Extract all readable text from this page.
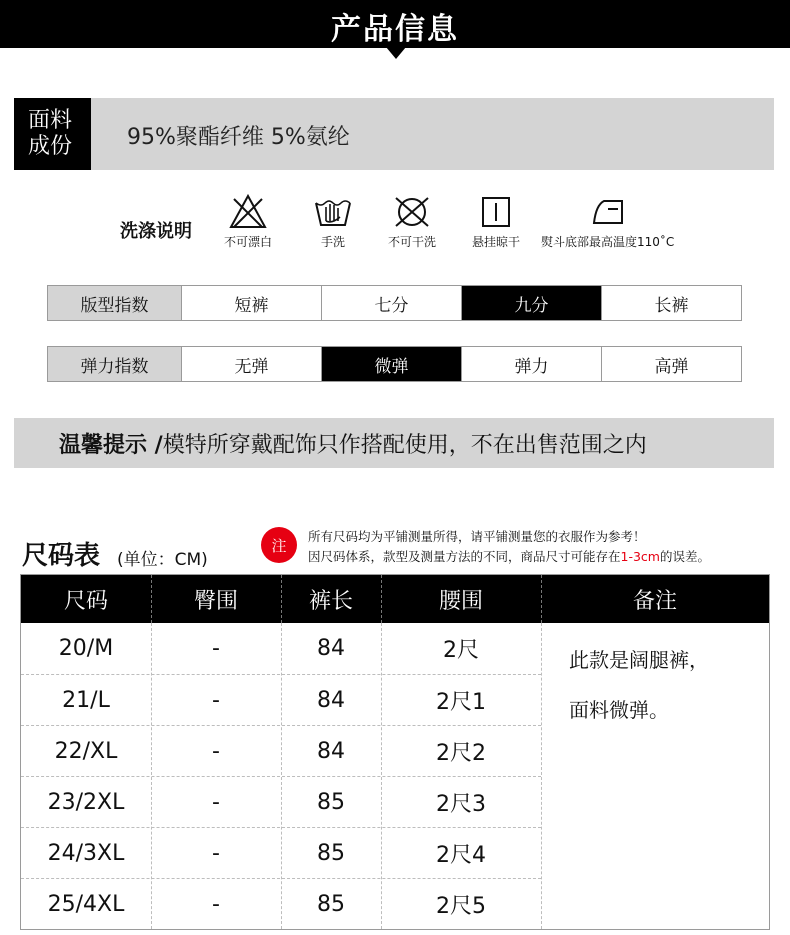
产品信息
面料
成份	95%聚酯纤维 5%氨纶
洗涤说明	不可漂白	手洗	不可干洗	悬挂晾干 熨斗底部最高温度110˚C
版型指数	短裤	七分	九分	长裤
弹力指数	无弹	微弹	弹力	高弹
温馨提示 / 模特所穿戴配饰只作搭配使用，不在出售范围之内
尺码表 (单位：CM)
注	所有尺码均为平铺测量所得，请平铺测量您的衣服作为参考！
因尺码体系，款型及测量方法的不同，商品尺寸可能存在1-3cm的误差。
尺码	臀围	裤长	腰围	备注
20/M	-	84	2尺
21/L	-	84	2尺1
22/XL	-	84	2尺2
23/2XL	-	85	2尺3
24/3XL	-	85	2尺4
25/4XL	-	85	2尺5
此款是阔腿裤，
面料微弹。
